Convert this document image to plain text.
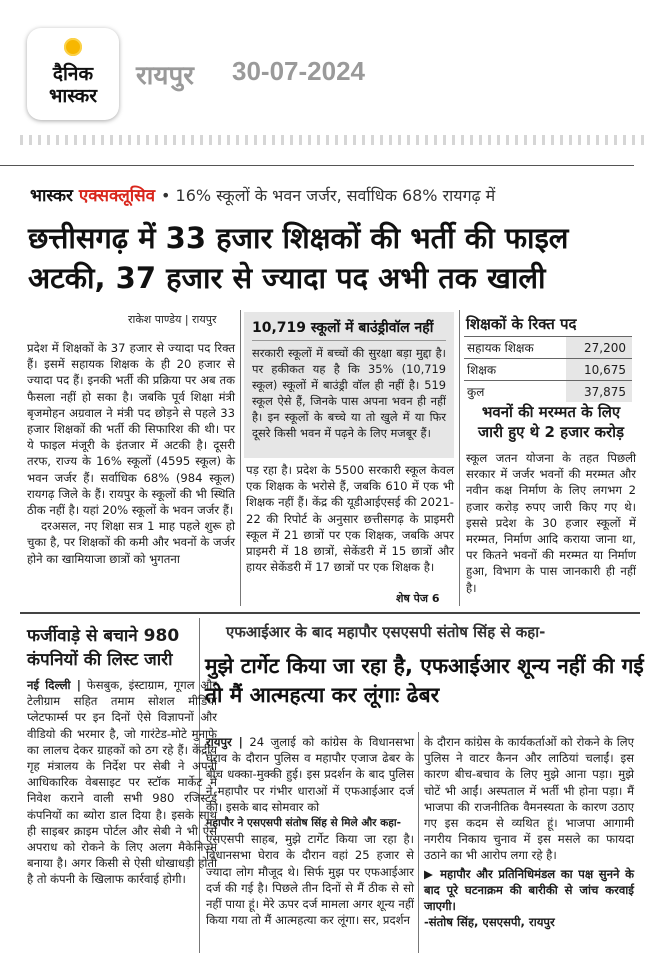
दैनिक
भास्कर
रायपुर 30-07-2024
भास्कर एक्सक्लूसिव • 16% स्कूलों के भवन जर्जर, सर्वाधिक 68% रायगढ़ में
छत्तीसगढ़ में 33 हजार शिक्षकों की भर्ती की फाइल अटकी, 37 हजार से ज्यादा पद अभी तक खाली
राकेश पाण्डेय | रायपुर

प्रदेश में शिक्षकों के 37 हजार से ज्यादा पद रिक्त हैं। इसमें सहायक शिक्षक के ही 20 हजार से ज्यादा पद हैं। इनकी भर्ती की प्रक्रिया पर अब तक फैसला नहीं हो सका है। जबकि पूर्व शिक्षा मंत्री बृजमोहन अग्रवाल ने मंत्री पद छोड़ने से पहले 33 हजार शिक्षकों की भर्ती की सिफारिश की थी। पर ये फाइल मंजूरी के इंतजार में अटकी है। दूसरी तरफ, राज्य के 16% स्कूलों (4595 स्कूल) के भवन जर्जर हैं। सर्वाधिक 68% (984 स्कूल) रायगढ़ जिले के हैं। रायपुर के स्कूलों की भी स्थिति ठीक नहीं है। यहां 20% स्कूलों के भवन जर्जर हैं।

दरअसल, नए शिक्षा सत्र 1 माह पहले शुरू हो चुका है, पर शिक्षकों की कमी और भवनों के जर्जर होने का खामियाजा छात्रों को भुगतना

10,719 स्कूलों में बाउंड्रीवॉल नहीं
सरकारी स्कूलों में बच्चों की सुरक्षा बड़ा मुद्दा है। पर हकीकत यह है कि 35% (10,719 स्कूल) स्कूलों में बाउंड्री वॉल ही नहीं है। 519 स्कूल ऐसे हैं, जिनके पास अपना भवन ही नहीं है। इन स्कूलों के बच्चे या तो खुले में या फिर दूसरे किसी भवन में पढ़ने के लिए मजबूर हैं।
पड़ रहा है। प्रदेश के 5500 सरकारी स्कूल केवल एक शिक्षक के भरोसे हैं, जबकि 610 में एक भी शिक्षक नहीं हैं। केंद्र की यूडीआईएसई की 2021-22 की रिपोर्ट के अनुसार छत्तीसगढ़ के प्राइमरी स्कूल में 21 छात्रों पर एक शिक्षक, जबकि अपर प्राइमरी में 18 छात्रों, सेकेंडरी में 15 छात्रों और हायर सेकेंडरी में 17 छात्रों पर एक शिक्षक है।
शेष पेज 6
शिक्षकों के रिक्त पद
सहायक शिक्षक	27,200
शिक्षक	10,675
कुल	37,875
भवनों की मरम्मत के लिए जारी हुए थे 2 हजार करोड़
स्कूल जतन योजना के तहत पिछली सरकार में जर्जर भवनों की मरम्मत और नवीन कक्ष निर्माण के लिए लगभग 2 हजार करोड़ रुपए जारी किए गए थे। इससे प्रदेश के 30 हजार स्कूलों में मरम्मत, निर्माण आदि कराया जाना था, पर कितने भवनों की मरम्मत या निर्माण हुआ, विभाग के पास जानकारी ही नहीं है।
फर्जीवाड़े से बचाने 980 कंपनियों की लिस्ट जारी
नई दिल्ली | फेसबुक, इंस्टाग्राम, गूगल और टेलीग्राम सहित तमाम सोशल मीडिया प्लेटफार्म्स पर इन दिनों ऐसे विज्ञापनों और वीडियो की भरमार है, जो गारंटेड-मोटे मुनाफे का लालच देकर ग्राहकों को ठग रहे हैं। केंद्रीय गृह मंत्रालय के निर्देश पर सेबी ने अपनी आधिकारिक वेबसाइट पर स्टॉक मार्केट में निवेश कराने वाली सभी 980 रजिस्टर्ड कंपनियों का ब्योरा डाल दिया है। इसके साथ ही साइबर क्राइम पोर्टल और सेबी ने भी ऐसे अपराध को रोकने के लिए अलग मैकेनिज्म बनाया है। अगर किसी से ऐसी धोखाधड़ी होती है तो कंपनी के खिलाफ कार्रवाई होगी।
एफआईआर के बाद महापौर एसएसपी संतोष सिंह से कहा-
मुझे टार्गेट किया जा रहा है, एफआईआर शून्य नहीं की गई तो मैं आत्महत्या कर लूंगाः ढेबर
रायपुर | 24 जुलाई को कांग्रेस के विधानसभा घेराव के दौरान पुलिस व महापौर एजाज ढेबर के बीच धक्का-मुक्की हुई। इस प्रदर्शन के बाद पुलिस ने महापौर पर गंभीर धाराओं में एफआईआर दर्ज की। इसके बाद सोमवार को
महापौर ने एसएसपी संतोष सिंह से मिले और कहा-
एसएसपी साहब, मुझे टार्गेट किया जा रहा है। विधानसभा घेराव के दौरान वहां 25 हजार से ज्यादा लोग मौजूद थे। सिर्फ मुझ पर एफआईआर दर्ज की गई है। पिछले तीन दिनों से मैं ठीक से सो नहीं पाया हूं। मेरे ऊपर दर्ज मामला अगर शून्य नहीं किया गया तो मैं आत्महत्या कर लूंगा। सर, प्रदर्शन
के दौरान कांग्रेस के कार्यकर्ताओं को रोकने के लिए पुलिस ने वाटर कैनन और लाठियां चलाईं। इस कारण बीच-बचाव के लिए मुझे आना पड़ा। मुझे चोटें भी आईं। अस्पताल में भर्ती भी होना पड़ा। मैं भाजपा की राजनीतिक वैमनस्यता के कारण उठाए गए इस कदम से व्यथित हूं। भाजपा आगामी नगरीय निकाय चुनाव में इस मसले का फायदा उठाने का भी आरोप लगा रहे है।
▶ महापौर और प्रतिनिधिमंडल का पक्ष सुनने के बाद पूरे घटनाक्रम की बारीकी से जांच करवाई जाएगी।
-संतोष सिंह, एसएसपी, रायपुर
